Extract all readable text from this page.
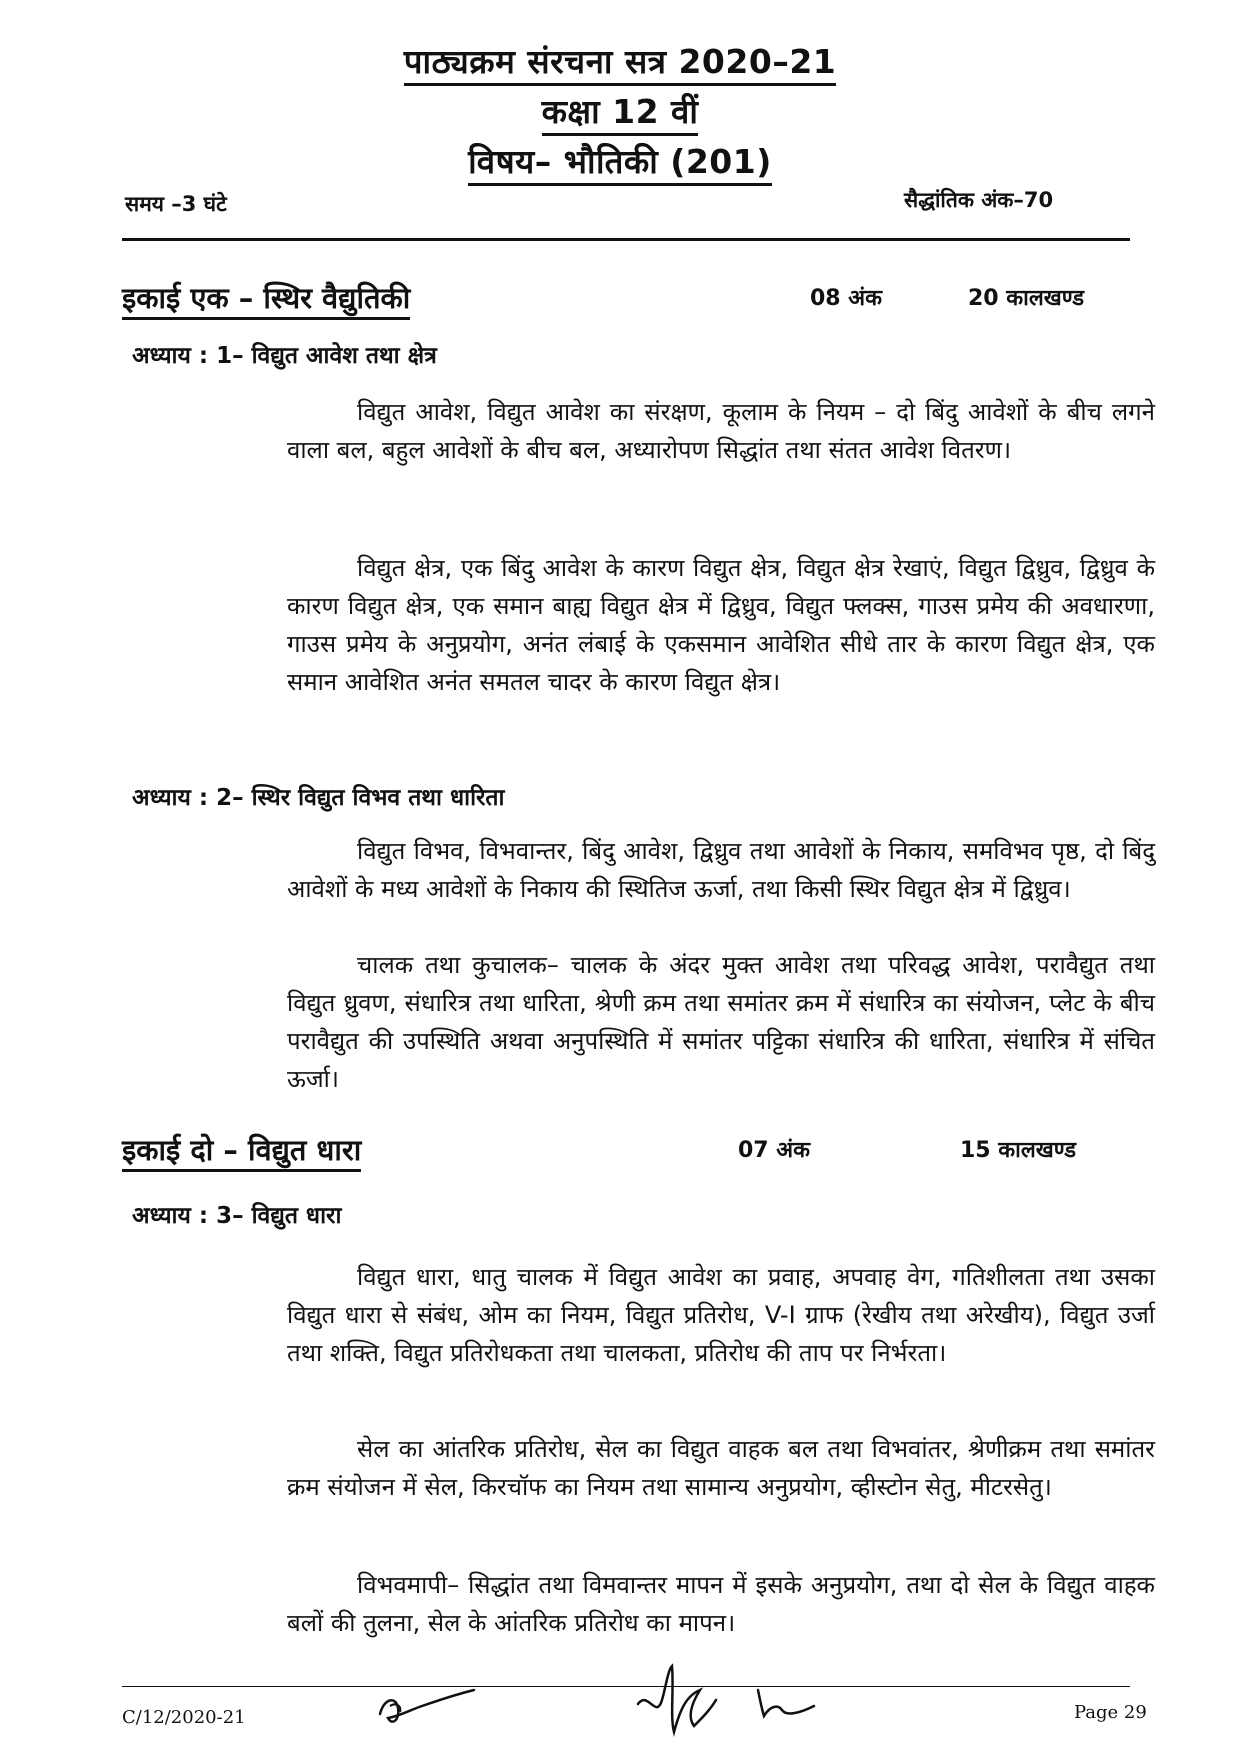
पाठ्यक्रम संरचना सत्र 2020–21
कक्षा 12 वीं
विषय– भौतिकी (201)
समय –3 घंटे	सैद्धांतिक अंक–70
इकाई एक – स्थिर वैद्युतिकी	08 अंक	20 कालखण्ड
अध्याय : 1– विद्युत आवेश तथा क्षेत्र

विद्युत आवेश, विद्युत आवेश का संरक्षण, कूलाम के नियम – दो बिंदु आवेशों के बीच लगने वाला बल, बहुल आवेशों के बीच बल, अध्यारोपण सिद्धांत तथा संतत आवेश वितरण।

विद्युत क्षेत्र, एक बिंदु आवेश के कारण विद्युत क्षेत्र, विद्युत क्षेत्र रेखाएं, विद्युत द्विध्रुव, द्विध्रुव के कारण विद्युत क्षेत्र, एक समान बाह्य विद्युत क्षेत्र में द्विध्रुव, विद्युत फ्लक्स, गाउस प्रमेय की अवधारणा, गाउस प्रमेय के अनुप्रयोग, अनंत लंबाई के एकसमान आवेशित सीधे तार के कारण विद्युत क्षेत्र, एक समान आवेशित अनंत समतल चादर के कारण विद्युत क्षेत्र।

अध्याय : 2– स्थिर विद्युत विभव तथा धारिता

विद्युत विभव, विभवान्तर, बिंदु आवेश, द्विध्रुव तथा आवेशों के निकाय, समविभव पृष्ठ, दो बिंदु आवेशों के मध्य आवेशों के निकाय की स्थितिज ऊर्जा, तथा किसी स्थिर विद्युत क्षेत्र में द्विध्रुव।

चालक तथा कुचालक– चालक के अंदर मुक्त आवेश तथा परिवद्ध आवेश, परावैद्युत तथा विद्युत ध्रुवण, संधारित्र तथा धारिता, श्रेणी क्रम तथा समांतर क्रम में संधारित्र का संयोजन, प्लेट के बीच परावैद्युत की उपस्थिति अथवा अनुपस्थिति में समांतर पट्टिका संधारित्र की धारिता, संधारित्र में संचित ऊर्जा।

इकाई दो – विद्युत धारा	07 अंक	15 कालखण्ड
अध्याय : 3– विद्युत धारा

विद्युत धारा, धातु चालक में विद्युत आवेश का प्रवाह, अपवाह वेग, गतिशीलता तथा उसका विद्युत धारा से संबंध, ओम का नियम, विद्युत प्रतिरोध, V-I ग्राफ (रेखीय तथा अरेखीय), विद्युत उर्जा तथा शक्ति, विद्युत प्रतिरोधकता तथा चालकता, प्रतिरोध की ताप पर निर्भरता।

सेल का आंतरिक प्रतिरोध, सेल का विद्युत वाहक बल तथा विभवांतर, श्रेणीक्रम तथा समांतर क्रम संयोजन में सेल, किरचॉफ का नियम तथा सामान्य अनुप्रयोग, व्हीस्टोन सेतु, मीटरसेतु।

विभवमापी– सिद्धांत तथा विमवान्तर मापन में इसके अनुप्रयोग, तथा दो सेल के विद्युत वाहक बलों की तुलना, सेल के आंतरिक प्रतिरोध का मापन।

C/12/2020-21	Page 29
